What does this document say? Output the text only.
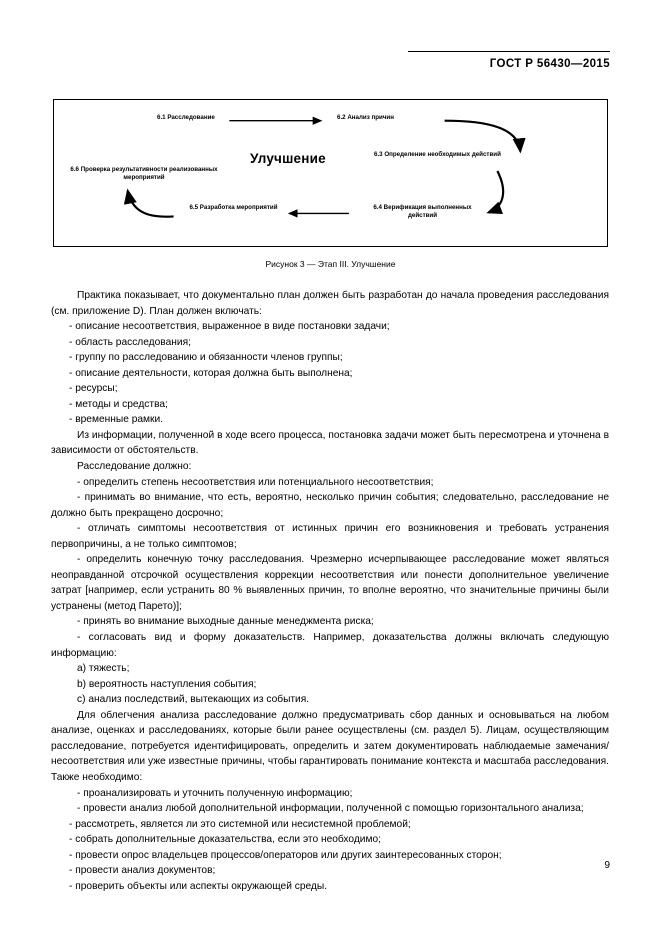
ГОСТ Р 56430—2015
6.1 Расследование	6.2 Анализ причин
6.3 Определение необходимых действий
6.4 Верификация выполненных действий
6.5 Разработка мероприятий
6.6 Проверка результативности реализованных мероприятий
Улучшение
Рисунок 3 — Этап III. Улучшение

Практика показывает, что документально план должен быть разработан до начала проведения расследования (см. приложение D). План должен включать:

- описание несоответствия, выраженное в виде постановки задачи;

- область расследования;

- группу по расследованию и обязанности членов группы;

- описание деятельности, которая должна быть выполнена;

- ресурсы;

- методы и средства;

- временные рамки.

Из информации, полученной в ходе всего процесса, постановка задачи может быть пересмотрена и уточнена в зависимости от обстоятельств.

Расследование должно:

- определить степень несоответствия или потенциального несоответствия;

- принимать во внимание, что есть, вероятно, несколько причин события; следовательно, расследование не должно быть прекращено досрочно;

- отличать симптомы несоответствия от истинных причин его возникновения и требовать устранения первопричины, а не только симптомов;

- определить конечную точку расследования. Чрезмерно исчерпывающее расследование может являться неоправданной отсрочкой осуществления коррекции несоответствия или понести дополнительное увеличение затрат [например, если устранить 80 % выявленных причин, то вполне вероятно, что значительные причины были устранены (метод Парето)];

- принять во внимание выходные данные менеджмента риска;

- согласовать вид и форму доказательств. Например, доказательства должны включать следующую информацию:

a) тяжесть;

b) вероятность наступления события;

c) анализ последствий, вытекающих из события.

Для облегчения анализа расследование должно предусматривать сбор данных и основываться на любом анализе, оценках и расследованиях, которые были ранее осуществлены (см. раздел 5). Лицам, осуществляющим расследование, потребуется идентифицировать, определить и затем документировать наблюдаемые замечания/несоответствия или уже известные причины, чтобы гарантировать понимание контекста и масштаба расследования. Также необходимо:

- проанализировать и уточнить полученную информацию;

- провести анализ любой дополнительной информации, полученной с помощью горизонтального анализа;

- рассмотреть, является ли это системной или несистемной проблемой;

- собрать дополнительные доказательства, если это необходимо;

- провести опрос владельцев процессов/операторов или других заинтересованных сторон;

- провести анализ документов;

- проверить объекты или аспекты окружающей среды.

9
